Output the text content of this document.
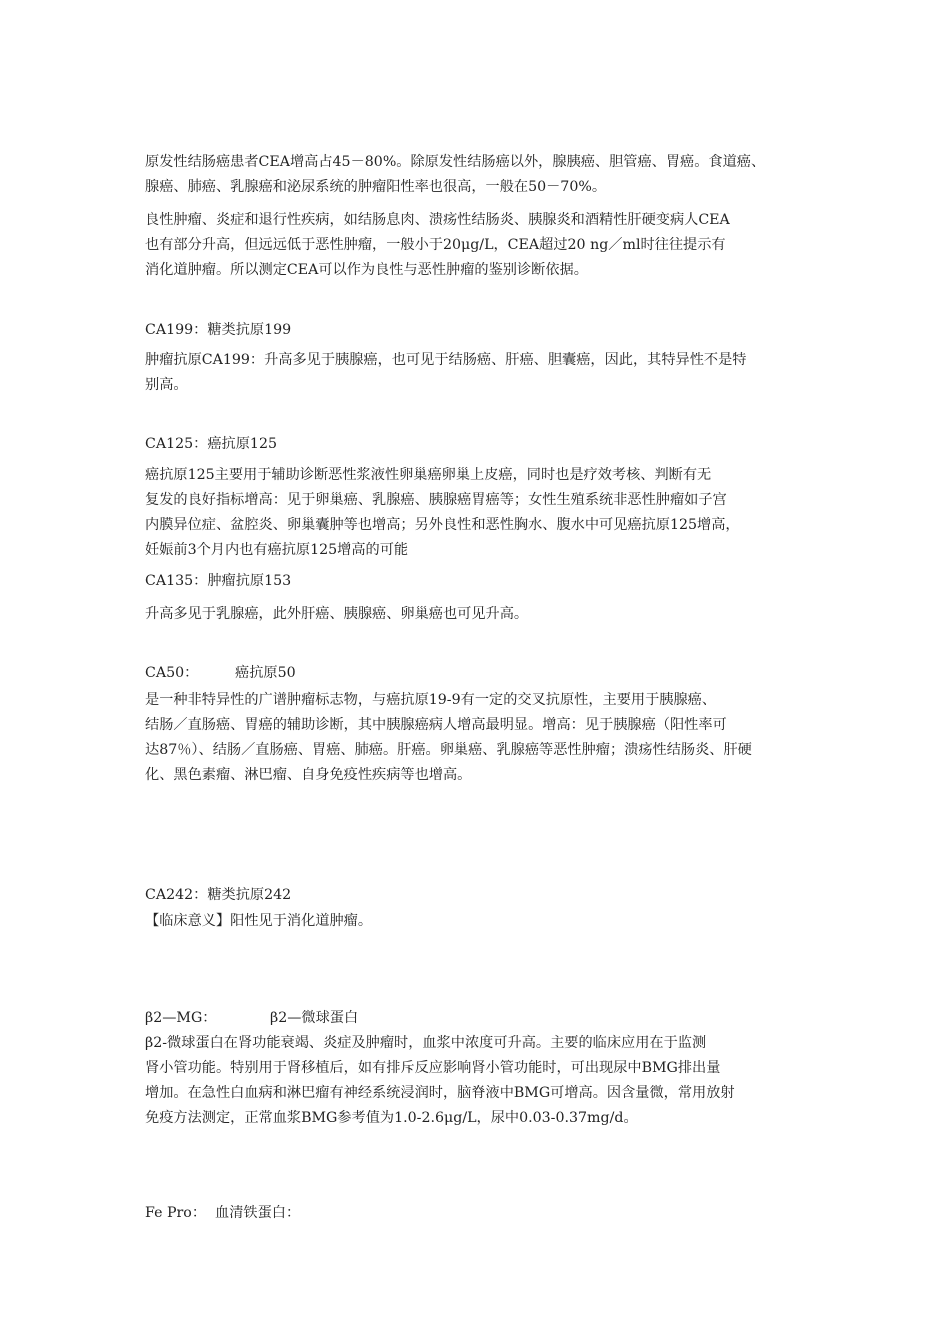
原发性结肠癌患者CEA增高占45－80%。除原发性结肠癌以外，腺胰癌、胆管癌、胃癌。食道癌、
腺癌、肺癌、乳腺癌和泌尿系统的肿瘤阳性率也很高，一般在50－70%。
良性肿瘤、炎症和退行性疾病，如结肠息肉、溃疡性结肠炎、胰腺炎和酒精性肝硬变病人CEA
也有部分升高，但远远低于恶性肿瘤，一般小于20μg/L，CEA超过20 ng／ml时往往提示有
消化道肿瘤。所以测定CEA可以作为良性与恶性肿瘤的鉴别诊断依据。
CA199：糖类抗原199
肿瘤抗原CA199：升高多见于胰腺癌，也可见于结肠癌、肝癌、胆囊癌，因此，其特异性不是特
别高。
CA125：癌抗原125
癌抗原125主要用于辅助诊断恶性浆液性卵巢癌卵巢上皮癌，同时也是疗效考核、判断有无
复发的良好指标增高：见于卵巢癌、乳腺癌、胰腺癌胃癌等；女性生殖系统非恶性肿瘤如子宫
内膜异位症、盆腔炎、卵巢囊肿等也增高；另外良性和恶性胸水、腹水中可见癌抗原125增高，
妊娠前3个月内也有癌抗原125增高的可能
CA135：肿瘤抗原153
升高多见于乳腺癌，此外肝癌、胰腺癌、卵巢癌也可见升高。
CA50：	癌抗原50
是一种非特异性的广谱肿瘤标志物，与癌抗原19-9有一定的交叉抗原性，主要用于胰腺癌、
结肠／直肠癌、胃癌的辅助诊断，其中胰腺癌病人增高最明显。增高：见于胰腺癌（阳性率可
达87％）、结肠／直肠癌、胃癌、肺癌。肝癌。卵巢癌、乳腺癌等恶性肿瘤；溃疡性结肠炎、肝硬
化、黑色素瘤、淋巴瘤、自身免疫性疾病等也增高。
CA242：糖类抗原242
【临床意义】阳性见于消化道肿瘤。
β2—MG：	β2—微球蛋白
β2-微球蛋白在肾功能衰竭、炎症及肿瘤时，血浆中浓度可升高。主要的临床应用在于监测
肾小管功能。特别用于肾移植后，如有排斥反应影响肾小管功能时，可出现尿中BMG排出量
增加。在急性白血病和淋巴瘤有神经系统浸润时，脑脊液中BMG可增高。因含量微，常用放射
免疫方法测定，正常血浆BMG参考值为1.0-2.6μg/L，尿中0.03-0.37mg/d。
Fe Pro：  血清铁蛋白：
